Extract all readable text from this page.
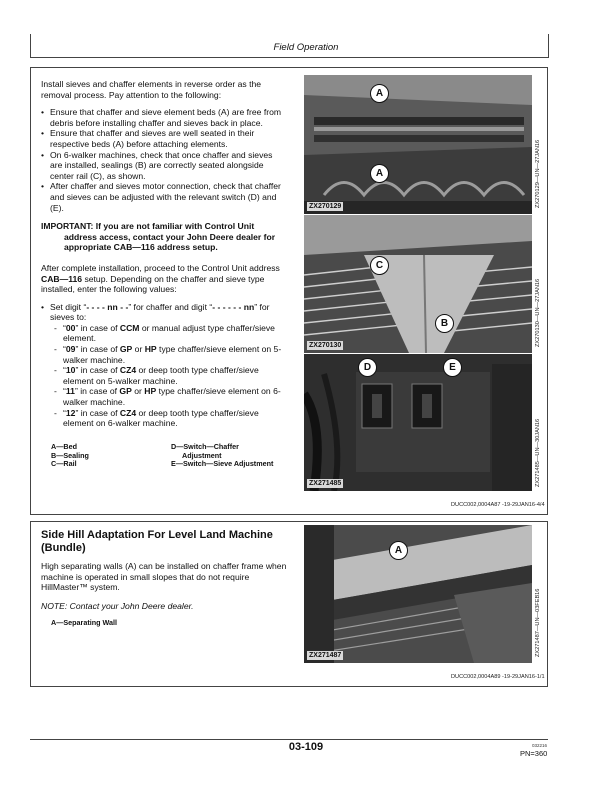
Field Operation

Install sieves and chaffer elements in reverse order as the removal process. Pay attention to the following:

• Ensure that chaffer and sieve element beds (A) are free from debris before installing chaffer and sieves back in place.
• Ensure that chaffer and sieves are well seated in their respective beds (A) before attaching elements.
• On 6-walker machines, check that once chaffer and sieves are installed, sealings (B) are correctly seated alongside center rail (C), as shown.
• After chaffer and sieves motor connection, check that chaffer and sieves can be adjusted with the relevant switch (D) and (E).

IMPORTANT: If you are not familiar with Control Unit address access, contact your John Deere dealer for appropriate CAB—116 address setup.

After complete installation, proceed to the Control Unit address CAB—116 setup. Depending on the chaffer and sieve type installed, enter the following values:

• Set digit “- - - - nn - -” for chaffer and digit “- - - - - - nn” for sieves to:
- “00” in case of CCM or manual adjust type chaffer/sieve element.
- “09” in case of GP or HP type chaffer/sieve element on 5-walker machine.
- “10” in case of CZ4 or deep tooth type chaffer/sieve element on 5-walker machine.
- “11” in case of GP or HP type chaffer/sieve element on 6-walker machine.
- “12” in case of CZ4 or deep tooth type chaffer/sieve element on 6-walker machine.
A—Bed
B—Sealing
C—Rail
D—Switch—Chaffer
Adjustment
E—Switch—Sieve Adjustment
A
A
ZX270129	ZX270129—UN—27JAN16
C
B
ZX270130	ZX270130—UN—27JAN16
D	E
ZX271485	ZX271485—UN—30JAN16
DUCC002,0004A87 -19-29JAN16-4/4
Side Hill Adaptation For Level Land Machine (Bundle)

High separating walls (A) can be installed on chaffer frame when machine is operated in small slopes that do not require HillMaster™ system.

NOTE: Contact your John Deere dealer.

A—Separating Wall
A
ZX271487	ZX271487—UN—03FEB16
DUCC002,0004A89 -19-29JAN16-1/1
03-109	032216
PN=360
